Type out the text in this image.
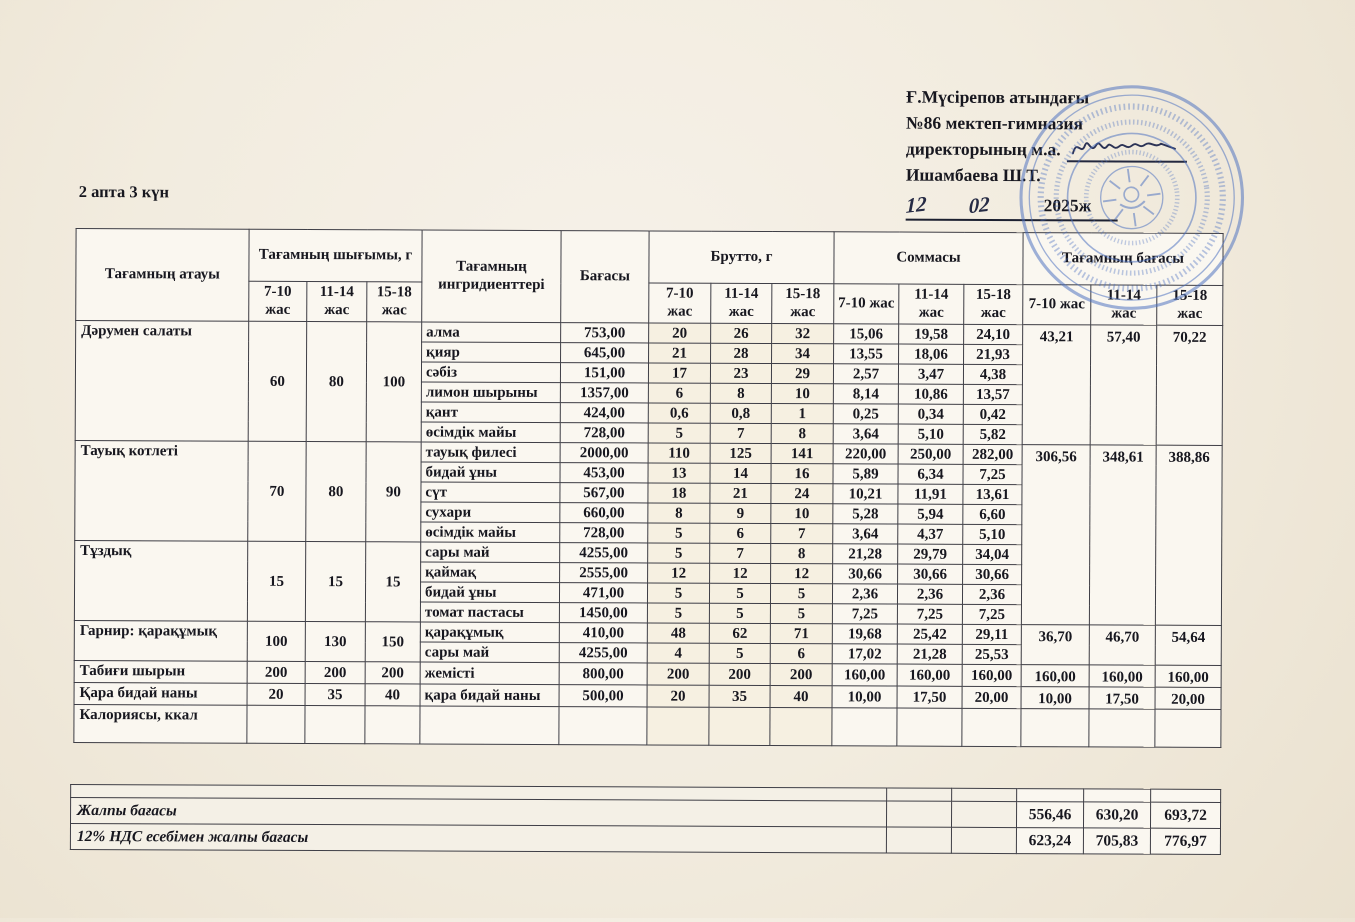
Ғ.Мүсірепов атындағы
№86 мектеп-гимназия
директорының м.а.
Ишамбаева Ш.Т.
12 02	2025ж
2 апта 3 күн
Тағамның атауы	Тағамның шығымы, г			Тағамның ингридиенттері	Бағасы	Брутто, г			Соммасы			Тағамның бағасы		
	7-10 жас	11-14 жас	15-18 жас			7-10 жас	11-14 жас	15-18 жас	7-10 жас	11-14 жас	15-18 жас	7-10 жас	11-14 жас	15-18 жас
Дәрумен салаты	60	80	100	алма	753,00	20	26	32	15,06	19,58	24,10	43,21	57,40	70,22
				қияр	645,00	21	28	34	13,55	18,06	21,93			
				сәбіз	151,00	17	23	29	2,57	3,47	4,38			
				лимон шырыны	1357,00	6	8	10	8,14	10,86	13,57			
				қант	424,00	0,6	0,8	1	0,25	0,34	0,42			
				өсімдік майы	728,00	5	7	8	3,64	5,10	5,82			
Тауық котлеті	70	80	90	тауық филесі	2000,00	110	125	141	220,00	250,00	282,00	306,56	348,61	388,86
				бидай ұны	453,00	13	14	16	5,89	6,34	7,25			
				сүт	567,00	18	21	24	10,21	11,91	13,61			
				сухари	660,00	8	9	10	5,28	5,94	6,60			
				өсімдік майы	728,00	5	6	7	3,64	4,37	5,10			
Тұздық	15	15	15	сары май	4255,00	5	7	8	21,28	29,79	34,04			
				қаймақ	2555,00	12	12	12	30,66	30,66	30,66			
				бидай ұны	471,00	5	5	5	2,36	2,36	2,36			
				томат пастасы	1450,00	5	5	5	7,25	7,25	7,25			
Гарнир: қарақұмық	100	130	150	қарақұмық	410,00	48	62	71	19,68	25,42	29,11	36,70	46,70	54,64
				сары май	4255,00	4	5	6	17,02	21,28	25,53			
Табиғи шырын	200	200	200	жемісті	800,00	200	200	200	160,00	160,00	160,00	160,00	160,00	160,00
Қара бидай наны	20	35	40	қара бидай наны	500,00	20	35	40	10,00	17,50	20,00	10,00	17,50	20,00
Калориясы, ккал														

Жалпы бағасы			556,46	630,20	693,72
12% НДС есебімен жалпы бағасы			623,24	705,83	776,97
